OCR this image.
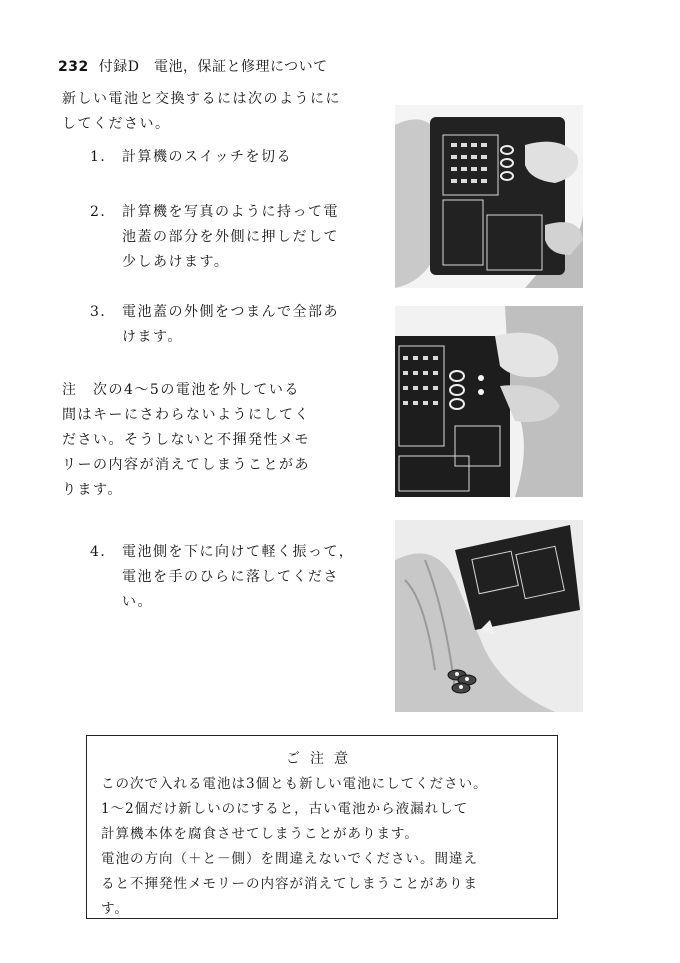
232 付録D　電池，保証と修理について
新しい電池と交換するには次のようにに
してください。
1． 計算機のスイッチを切る
2． 計算機を写真のように持って電
池蓋の部分を外側に押しだして
少しあけます。
3． 電池蓋の外側をつまんで全部あ
けます。
注　 次の4～5の電池を外している
間はキーにさわらないようにしてく
ださい。そうしないと不揮発性メモ
リーの内容が消えてしまうことがあ
ります。
4． 電池側を下に向けて軽く振って，
電池を手のひらに落してくださ
い。
ご注意
この次で入れる電池は3個とも新しい電池にしてください。
1～2個だけ新しいのにすると，古い電池から液漏れして
計算機本体を腐食させてしまうことがあります。
電池の方向（＋と－側）を間違えないでください。間違え
ると不揮発性メモリーの内容が消えてしまうことがありま
す。
